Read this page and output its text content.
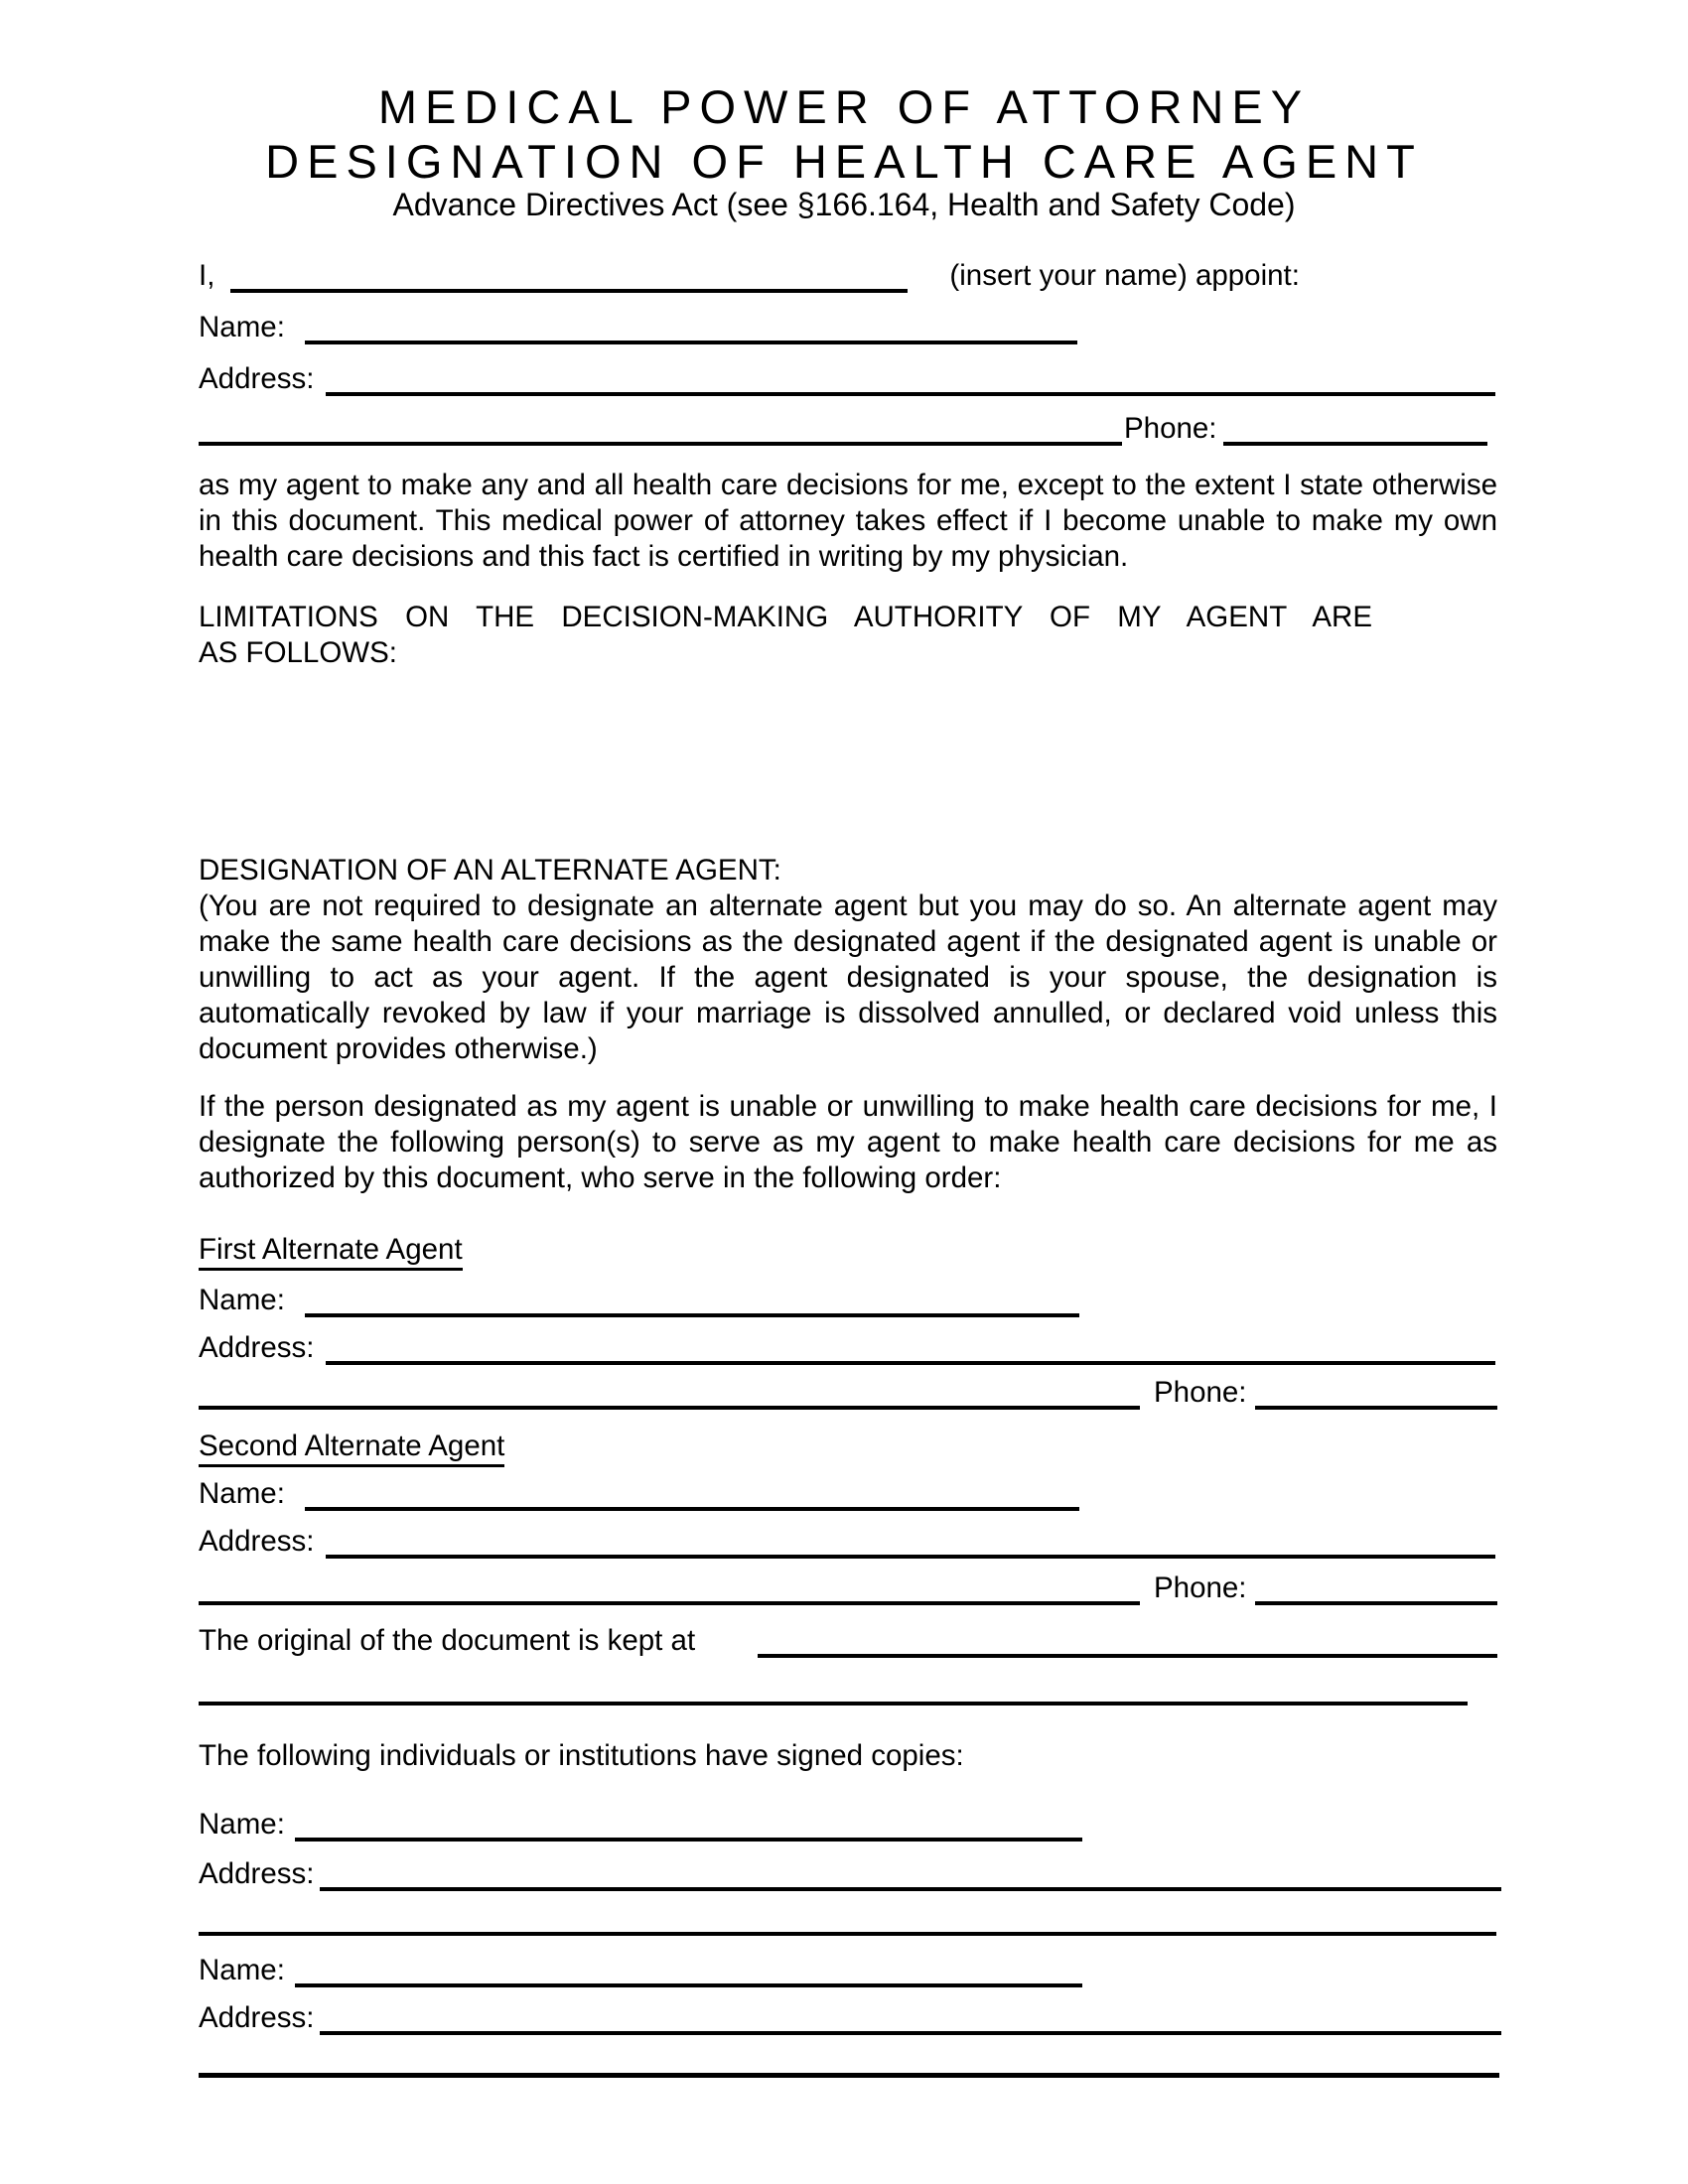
MEDICAL POWER OF ATTORNEY
DESIGNATION OF HEALTH CARE AGENT
Advance Directives Act (see §166.164, Health and Safety Code)
I,	(insert your name) appoint:
Name:
Address:
Phone:
as my agent to make any and all health care decisions for me, except to the extent I state otherwise
in this document. This medical power of attorney takes effect if I become unable to make my own
health care decisions and this fact is certified in writing by my physician.
LIMITATIONS ON THE DECISION-MAKING AUTHORITY OF MY AGENT ARE
AS FOLLOWS:
DESIGNATION OF AN ALTERNATE AGENT:
(You are not required to designate an alternate agent but you may do so. An alternate agent may
make the same health care decisions as the designated agent if the designated agent is unable or
unwilling to act as your agent. If the agent designated is your spouse, the designation is
automatically revoked by law if your marriage is dissolved annulled, or declared void unless this
document provides otherwise.)
If the person designated as my agent is unable or unwilling to make health care decisions for me, I
designate the following person(s) to serve as my agent to make health care decisions for me as
authorized by this document, who serve in the following order:
First Alternate Agent
Name:
Address:
Phone:
Second Alternate Agent
Name:
Address:
Phone:
The original of the document is kept at
The following individuals or institutions have signed copies:
Name:
Address:
Name:
Address:
